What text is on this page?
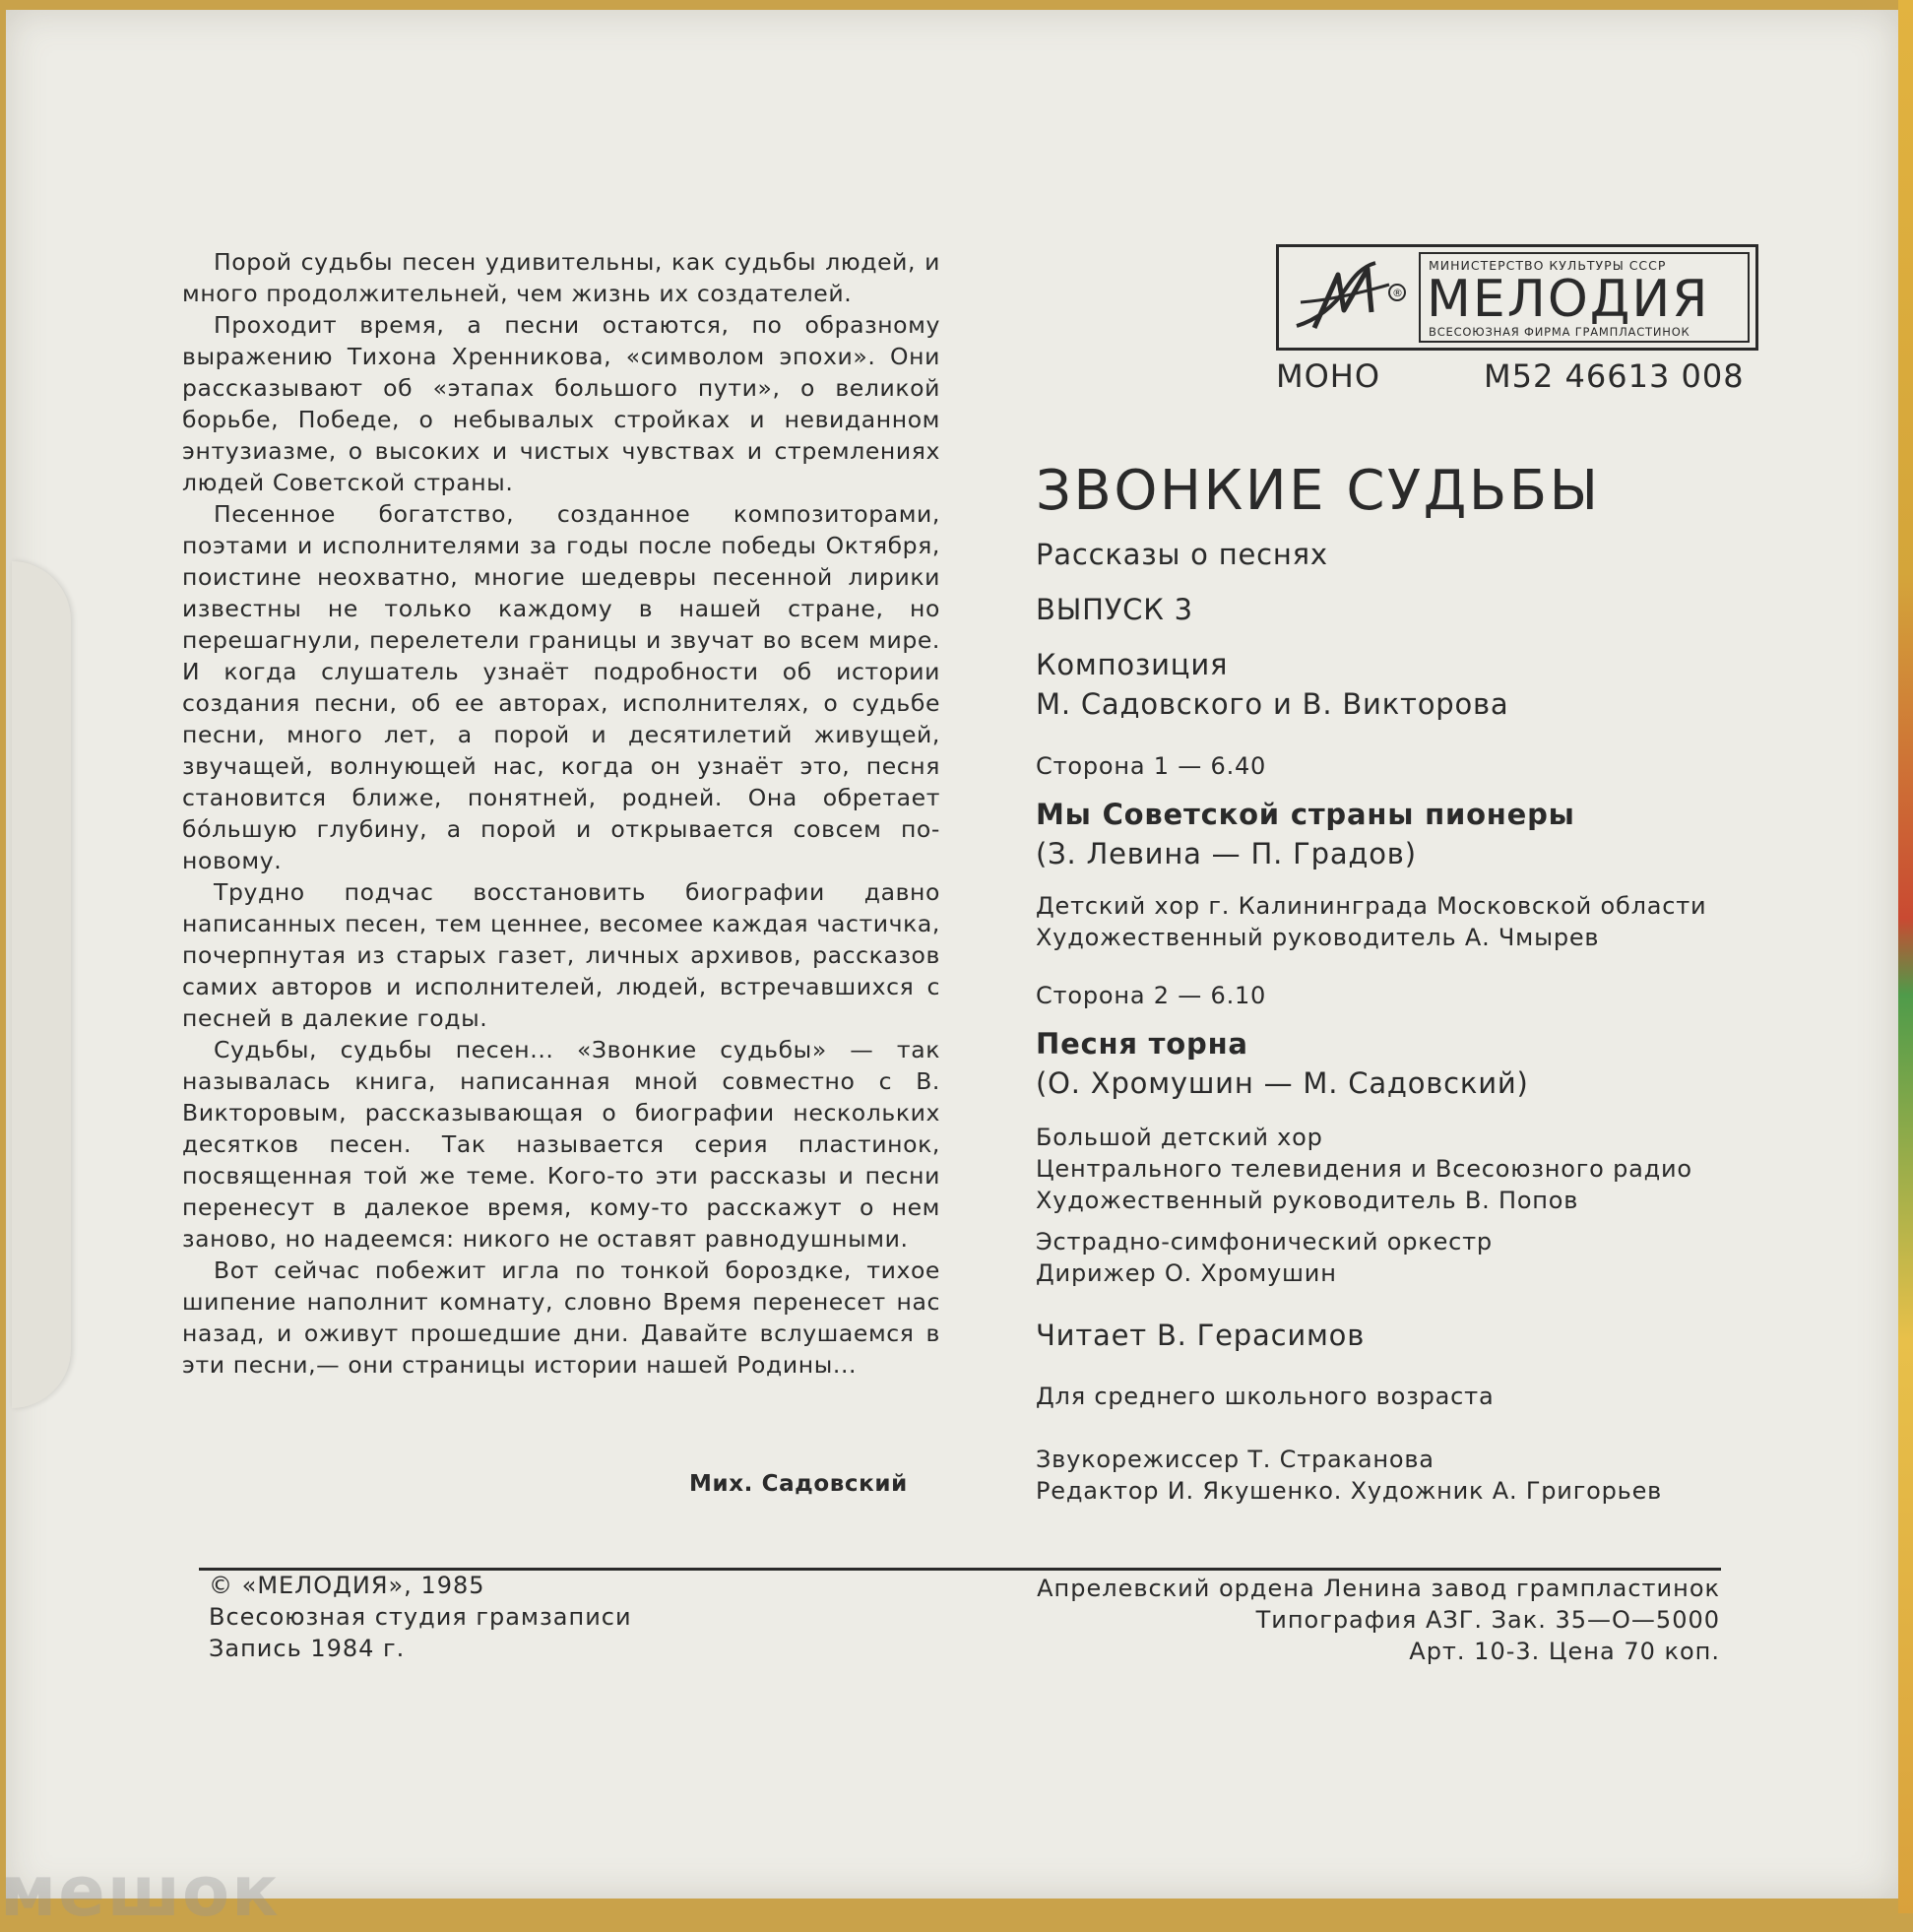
Порой судьбы песен удивительны, как судьбы людей, и много продолжительней, чем жизнь их создателей.

Проходит время, а песни остаются, по образному выражению Тихона Хренникова, «символом эпохи». Они рассказывают об «этапах большого пути», о великой борьбе, Победе, о небывалых стройках и невиданном энтузиазме, о высоких и чистых чувствах и стремлениях людей Советской страны.

Песенное богатство, созданное композиторами, поэтами и исполнителями за годы после победы Октября, поистине неохватно, многие шедевры песенной лирики известны не только каждому в нашей стране, но перешагнули, перелетели границы и звучат во всем мире. И когда слушатель узнаёт подробности об истории создания песни, об ее авторах, исполнителях, о судьбе песни, много лет, а порой и десятилетий живущей, звучащей, волнующей нас, когда он узнаёт это, песня становится ближе, понятней, родней. Она обретает бо́льшую глубину, а порой и открывается совсем по-новому.

Трудно подчас восстановить биографии давно написанных песен, тем ценнее, весомее каждая частичка, почерпнутая из старых газет, личных архивов, рассказов самих авторов и исполнителей, людей, встречавшихся с песней в далекие годы.

Судьбы, судьбы песен... «Звонкие судьбы» — так называлась книга, написанная мной совместно с В. Викторовым, рассказывающая о биографии нескольких десятков песен. Так называется серия пластинок, посвященная той же теме. Кого-то эти рассказы и песни перенесут в далекое время, кому-то расскажут о нем заново, но надеемся: никого не оставят равнодушными.

Вот сейчас побежит игла по тонкой бороздке, тихое шипение наполнит комнату, словно Время перенесет нас назад, и оживут прошедшие дни. Давайте вслушаемся в эти песни,— они страницы истории нашей Родины...

Мих. Садовский
®
МИНИСТЕРСТВО КУЛЬТУРЫ СССР
МЕЛОДИЯ
ВСЕСОЮЗНАЯ ФИРМА ГРАМПЛАСТИНОК
МОНО	М52 46613 008
ЗВОНКИЕ СУДЬБЫ
Рассказы о песнях
ВЫПУСК 3
Композиция
М. Садовского и В. Викторова
Сторона 1 — 6.40
Мы Советской страны пионеры
(З. Левина — П. Градов)
Детский хор г. Калининграда Московской области
Художественный руководитель А. Чмырев
Сторона 2 — 6.10
Песня торна
(О. Хромушин — М. Садовский)
Большой детский хор
Центрального телевидения и Всесоюзного радио
Художественный руководитель В. Попов
Эстрадно-симфонический оркестр
Дирижер О. Хромушин
Читает В. Герасимов
Для среднего школьного возраста
Звукорежиссер Т. Страканова
Редактор И. Якушенко. Художник А. Григорьев
© «МЕЛОДИЯ», 1985
Всесоюзная студия грамзаписи
Запись 1984 г.
Апрелевский ордена Ленина завод грампластинок
Типография АЗГ. Зак. 35—О—5000
Арт. 10-3. Цена 70 коп.
мешок
